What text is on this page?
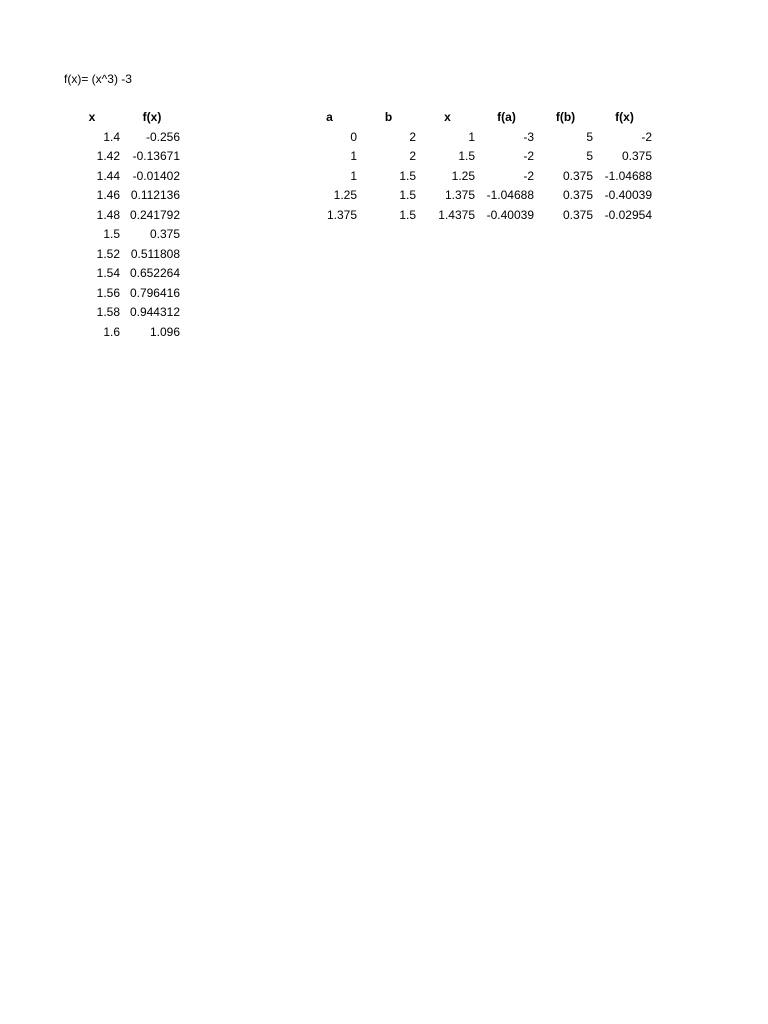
f(x)= (x^3) -3
x	f(x)
1.4	-0.256
1.42	-0.13671
1.44	-0.01402
1.46	0.112136
1.48	0.241792
1.5	0.375
1.52	0.511808
1.54	0.652264
1.56	0.796416
1.58	0.944312
1.6	1.096
a	b	x	f(a)	f(b)	f(x)
0	2	1	-3	5	-2
1	2	1.5	-2	5	0.375
1	1.5	1.25	-2	0.375	-1.04688
1.25	1.5	1.375	-1.04688	0.375	-0.40039
1.375	1.5	1.4375	-0.40039	0.375	-0.02954
